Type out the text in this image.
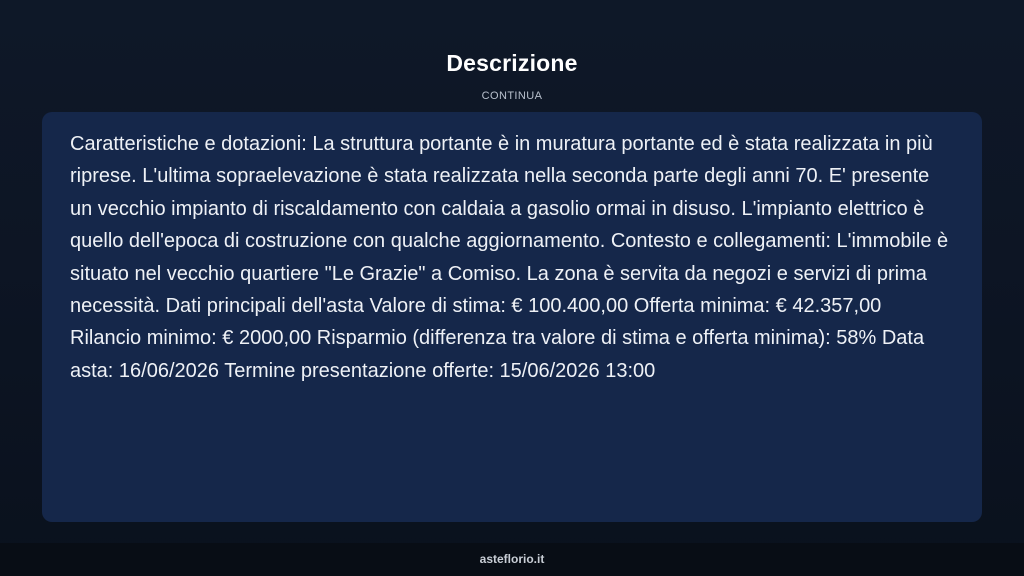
Descrizione
CONTINUA

Caratteristiche e dotazioni: La struttura portante è in muratura portante ed è stata realizzata in più riprese. L'ultima sopraelevazione è stata realizzata nella seconda parte degli anni 70. E' presente un vecchio impianto di riscaldamento con caldaia a gasolio ormai in disuso. L'impianto elettrico è quello dell'epoca di costruzione con qualche aggiornamento. Contesto e collegamenti: L'immobile è situato nel vecchio quartiere "Le Grazie" a Comiso. La zona è servita da negozi e servizi di prima necessità. Dati principali dell'asta Valore di stima: € 100.400,00 Offerta minima: € 42.357,00 Rilancio minimo: € 2000,00 Risparmio (differenza tra valore di stima e offerta minima): 58% Data asta: 16/06/2026 Termine presentazione offerte: 15/06/2026 13:00

asteflorio.it
